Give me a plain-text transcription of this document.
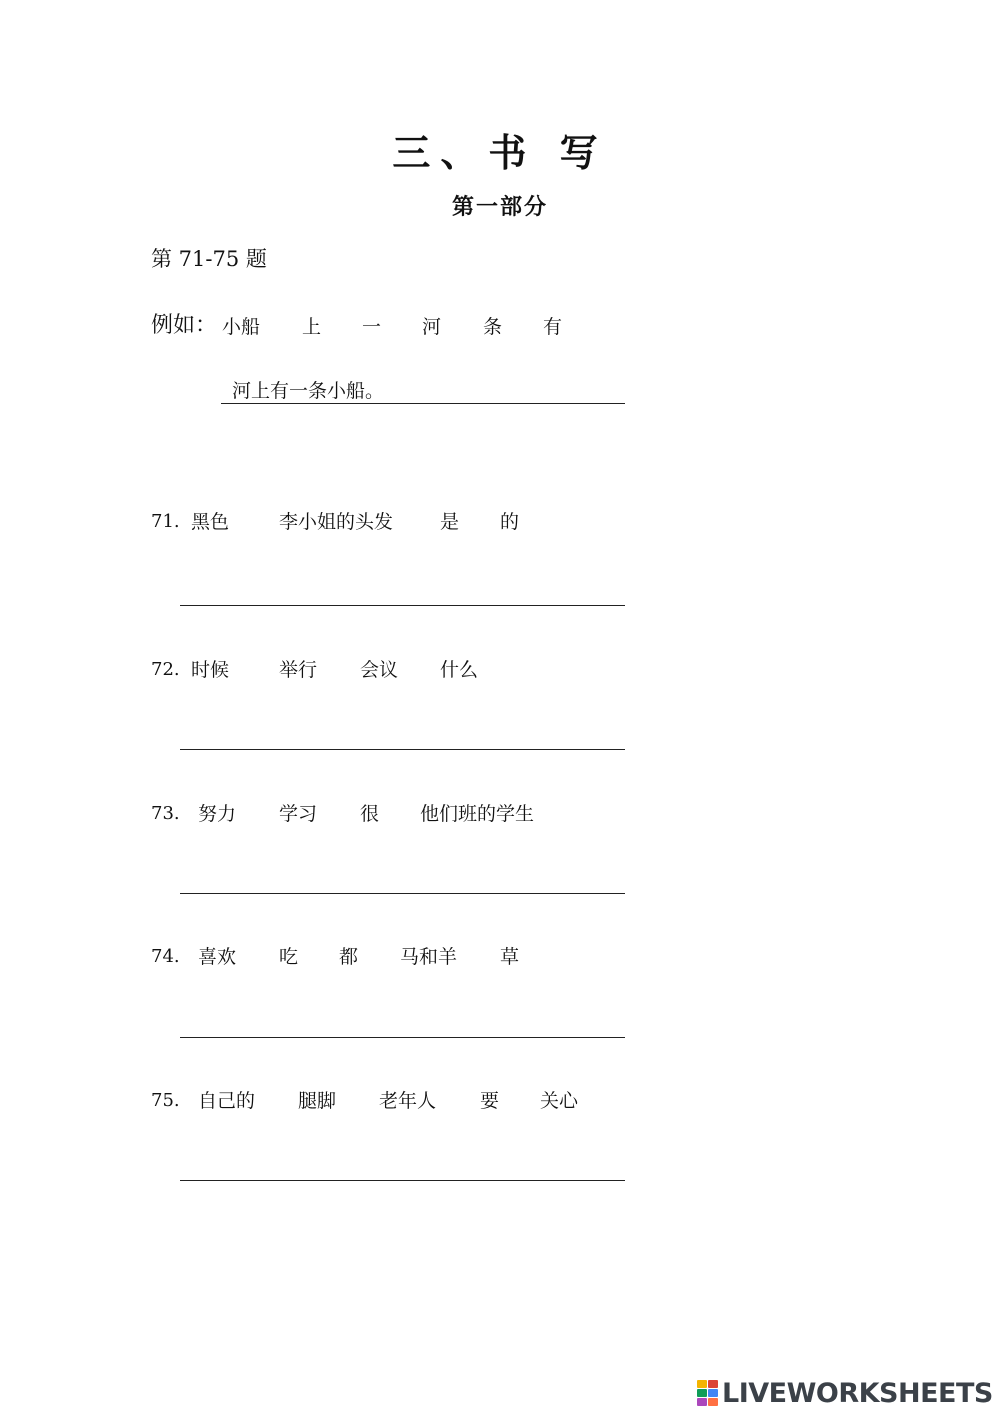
三、书 写
第一部分
第 71-75 题
例如： 小船 上 一 河 条 有
河上有一条小船。
71. 黑色	李小姐的头发 是 的
72. 时候	举行 会议 什么
73. 努力 学习 很 他们班的学生
74. 喜欢 吃 都 马和羊 草
75. 自己的 腿脚 老年人 要 关心
LIVEWORKSHEETS
